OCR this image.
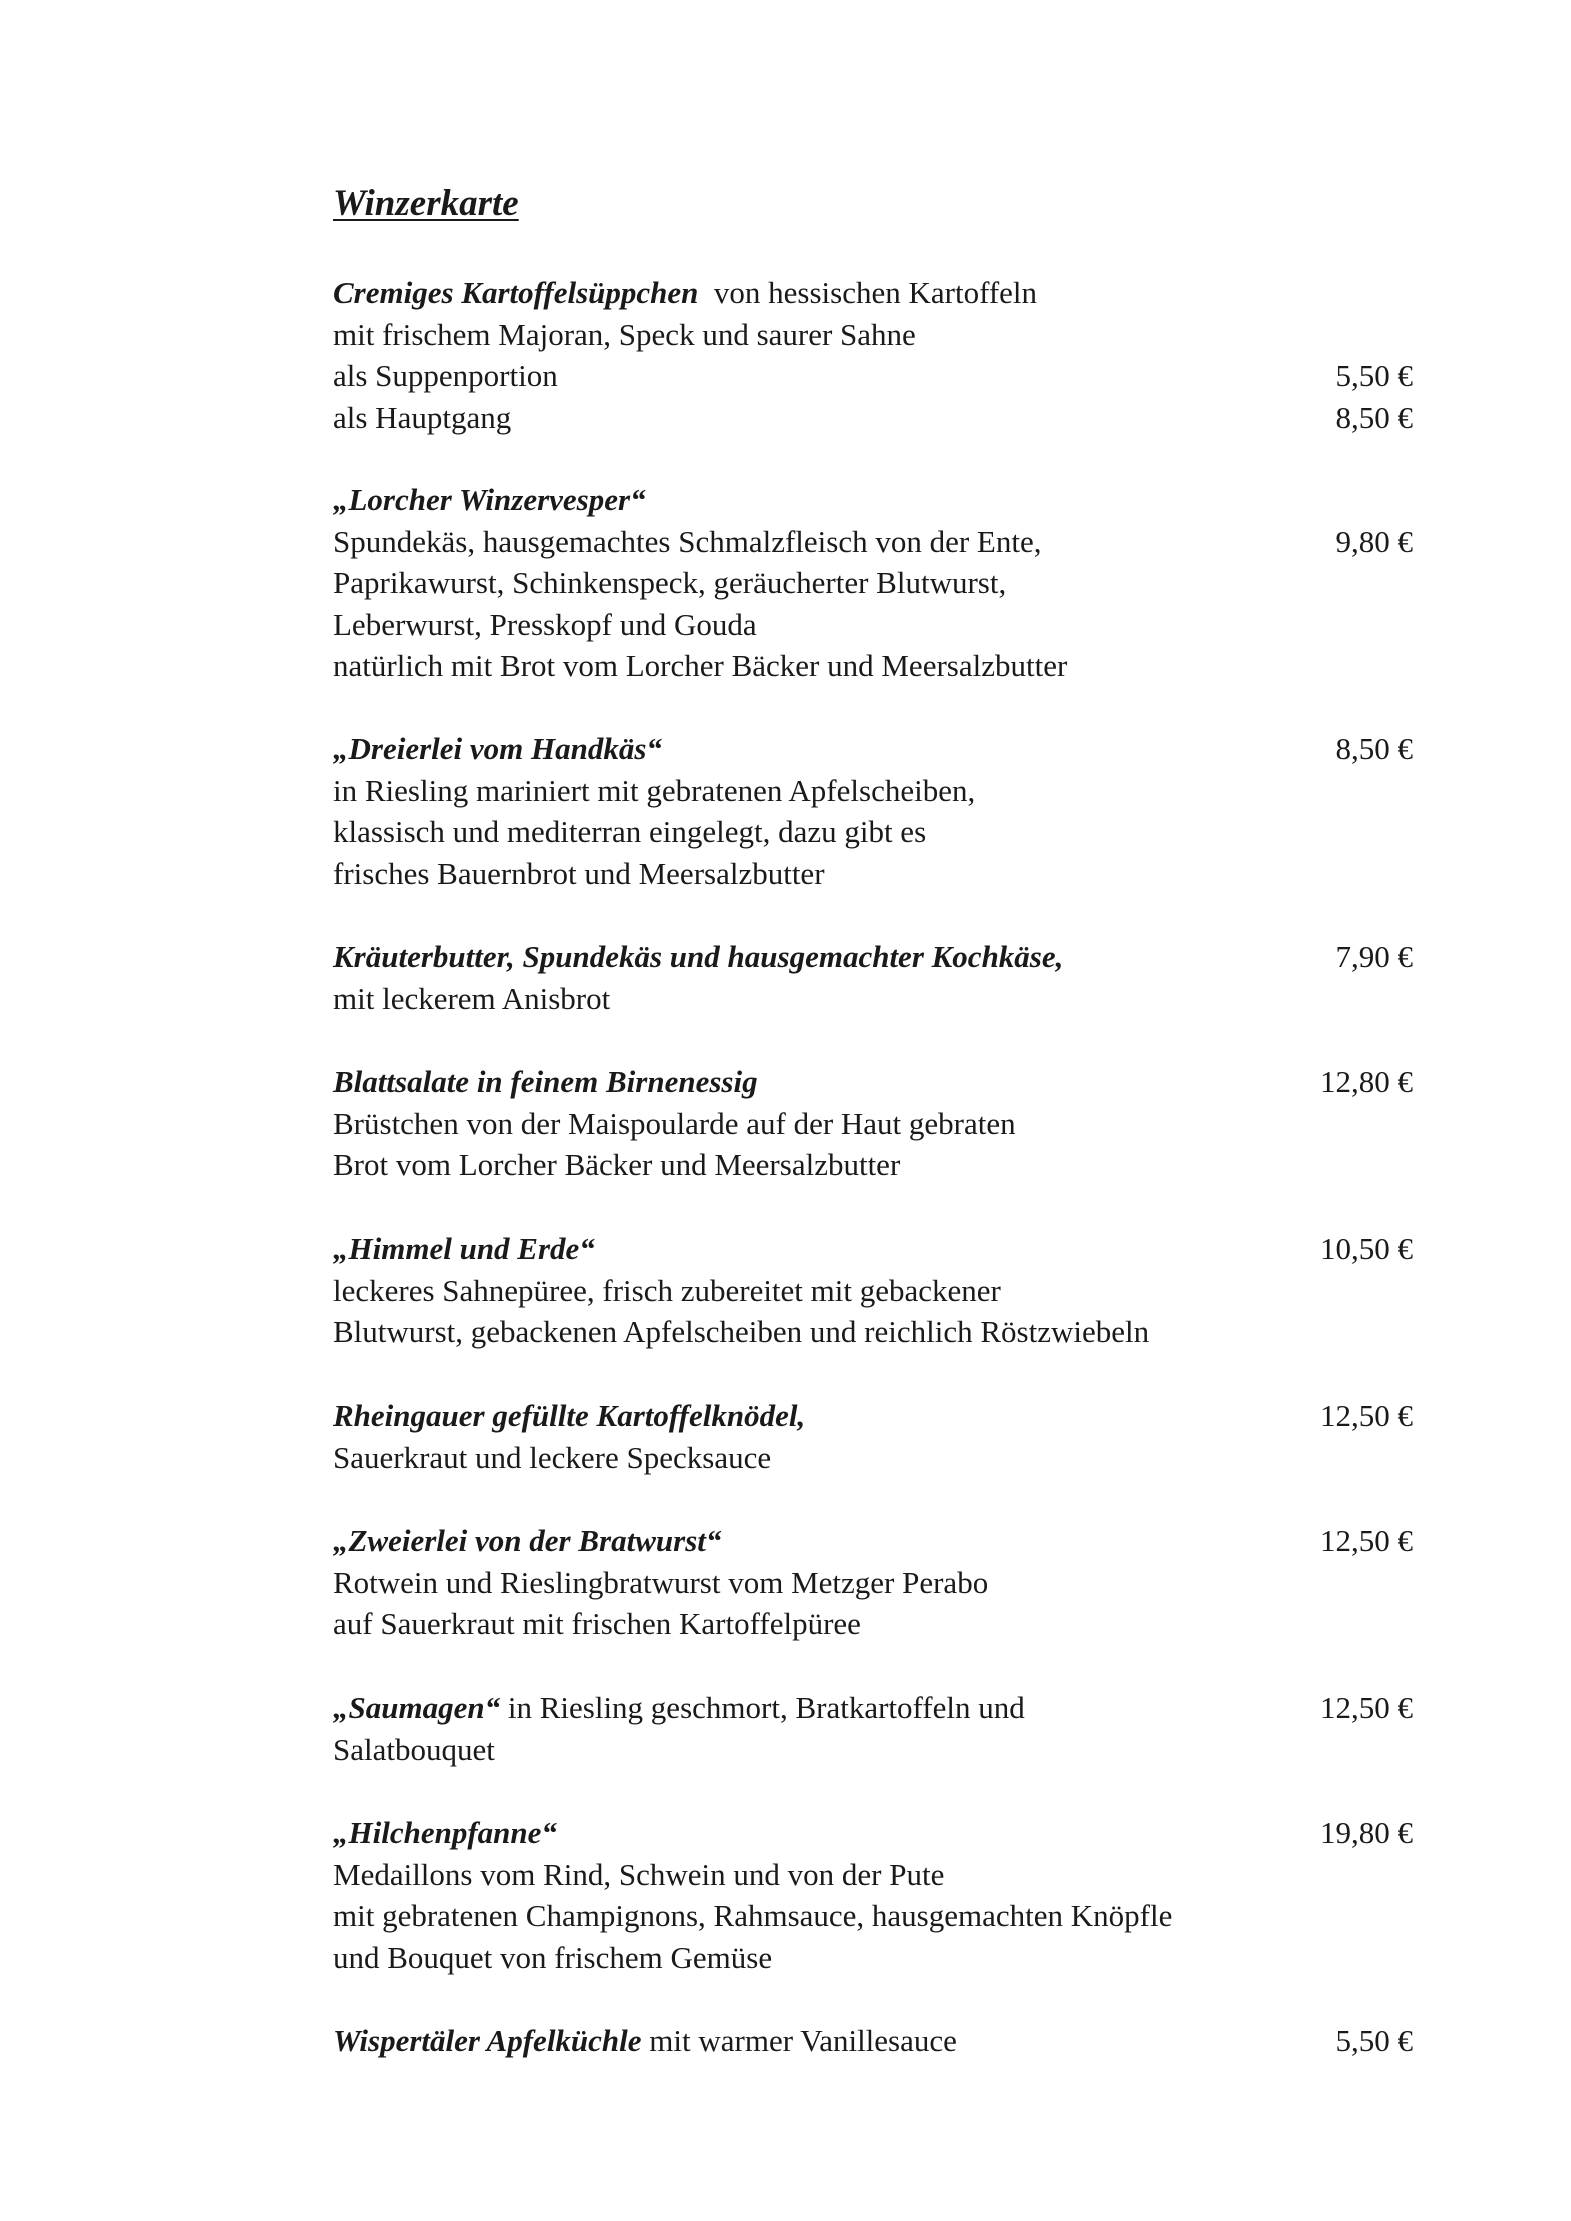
Winzerkarte
Cremiges Kartoffelsüppchen  von hessischen Kartoffeln
mit frischem Majoran, Speck und saurer Sahne
als Suppenportion	5,50 €
als Hauptgang	8,50 €
„Lorcher Winzervesper“
Spundekäs, hausgemachtes Schmalzfleisch von der Ente,	9,80 €
Paprikawurst, Schinkenspeck, geräucherter Blutwurst,
Leberwurst, Presskopf und Gouda
natürlich mit Brot vom Lorcher Bäcker und Meersalzbutter
„Dreierlei vom Handkäs“	8,50 €
in Riesling mariniert mit gebratenen Apfelscheiben,
klassisch und mediterran eingelegt, dazu gibt es
frisches Bauernbrot und Meersalzbutter
Kräuterbutter, Spundekäs und hausgemachter Kochkäse,	7,90 €
mit leckerem Anisbrot
Blattsalate in feinem Birnenessig	12,80 €
Brüstchen von der Maispoularde auf der Haut gebraten
Brot vom Lorcher Bäcker und Meersalzbutter
„Himmel und Erde“	10,50 €
leckeres Sahnepüree, frisch zubereitet mit gebackener
Blutwurst, gebackenen Apfelscheiben und reichlich Röstzwiebeln
Rheingauer gefüllte Kartoffelknödel,	12,50 €
Sauerkraut und leckere Specksauce
„Zweierlei von der Bratwurst“	12,50 €
Rotwein und Rieslingbratwurst vom Metzger Perabo
auf Sauerkraut mit frischen Kartoffelpüree
„Saumagen“ in Riesling geschmort, Bratkartoffeln und	12,50 €
Salatbouquet
„Hilchenpfanne“	19,80 €
Medaillons vom Rind, Schwein und von der Pute
mit gebratenen Champignons, Rahmsauce, hausgemachten Knöpfle
und Bouquet von frischem Gemüse
Wispertäler Apfelküchle mit warmer Vanillesauce	5,50 €
